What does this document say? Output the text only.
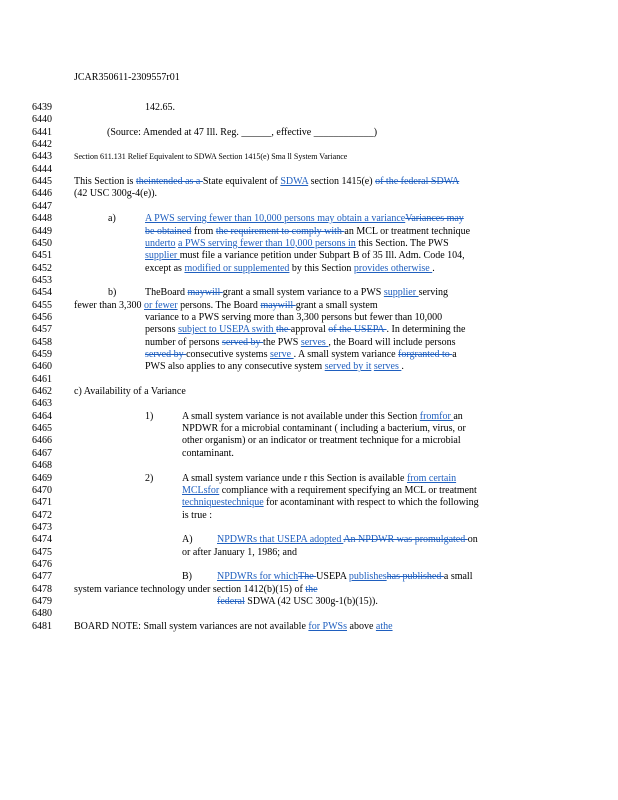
JCAR350611-2309557r01
6439	142.65.
6440
6441	(Source: Amended at 47 Ill. Reg. ______, effective ____________)
6442
6443	Section 611.131 Relief Equivalent to SDWA Section 1415(e) Sma ll System Variance
6444
6445	This Section is theintended as a State equivalent of SDWA section 1415(e) of the federal SDWA
6446	(42 USC 300g-4(e)).
6447
6448	a)	A PWS serving fewer than 10,000 persons may obtain a varianceVariances may
6449	be obtained from the requirement to comply with an MCL or treatment technique
6450	underto a PWS serving fewer than 10,000 persons in this Section. The PWS
6451	supplier must file a variance petition under Subpart B of 35 Ill. Adm. Code 104,
6452	except as modified or supplemented by this Section provides otherwise .
6453
6454	b)	TheBoard maywill grant a small system variance to a PWS supplier serving
6455	fewer than 3,300 or fewer persons. The Board maywill grant a small system
6456	variance to a PWS serving more than 3,300 persons but fewer than 10,000
6457	persons subject to USEPA swith the approval of the USEPA . In determining the
6458	number of persons served by the PWS serves , the Board will include persons
6459	served by consecutive systems serve . A small system variance forgranted to a
6460	PWS also applies to any consecutive system served by it serves .
6461
6462	c) Availability of a Variance
6463
6464	1)	A small system variance is not available under this Section fromfor an
6465	NPDWR for a microbial contaminant ( including a bacterium, virus, or
6466	other organism) or an indicator or treatment technique for a microbial
6467	contaminant.
6468
6469	2)	A small system variance unde r this Section is available from certain
6470	MCLsfor compliance with a requirement specifying an MCL or treatment
6471	techniquestechnique for acontaminant with respect to which the following
6472	is true :
6473
6474	A) NPDWRs that USEPA adopted An NPDWR was promulgated on
6475	or after January 1, 1986; and
6476
6477	B)	NPDWRs for whichThe USEPA publisheshas published a small
6478	system variance technology under section 1412(b)(15) of the
6479	federal SDWA (42 USC 300g-1(b)(15)).
6480
6481	BOARD NOTE: Small system variances are not available for PWSs above athe
